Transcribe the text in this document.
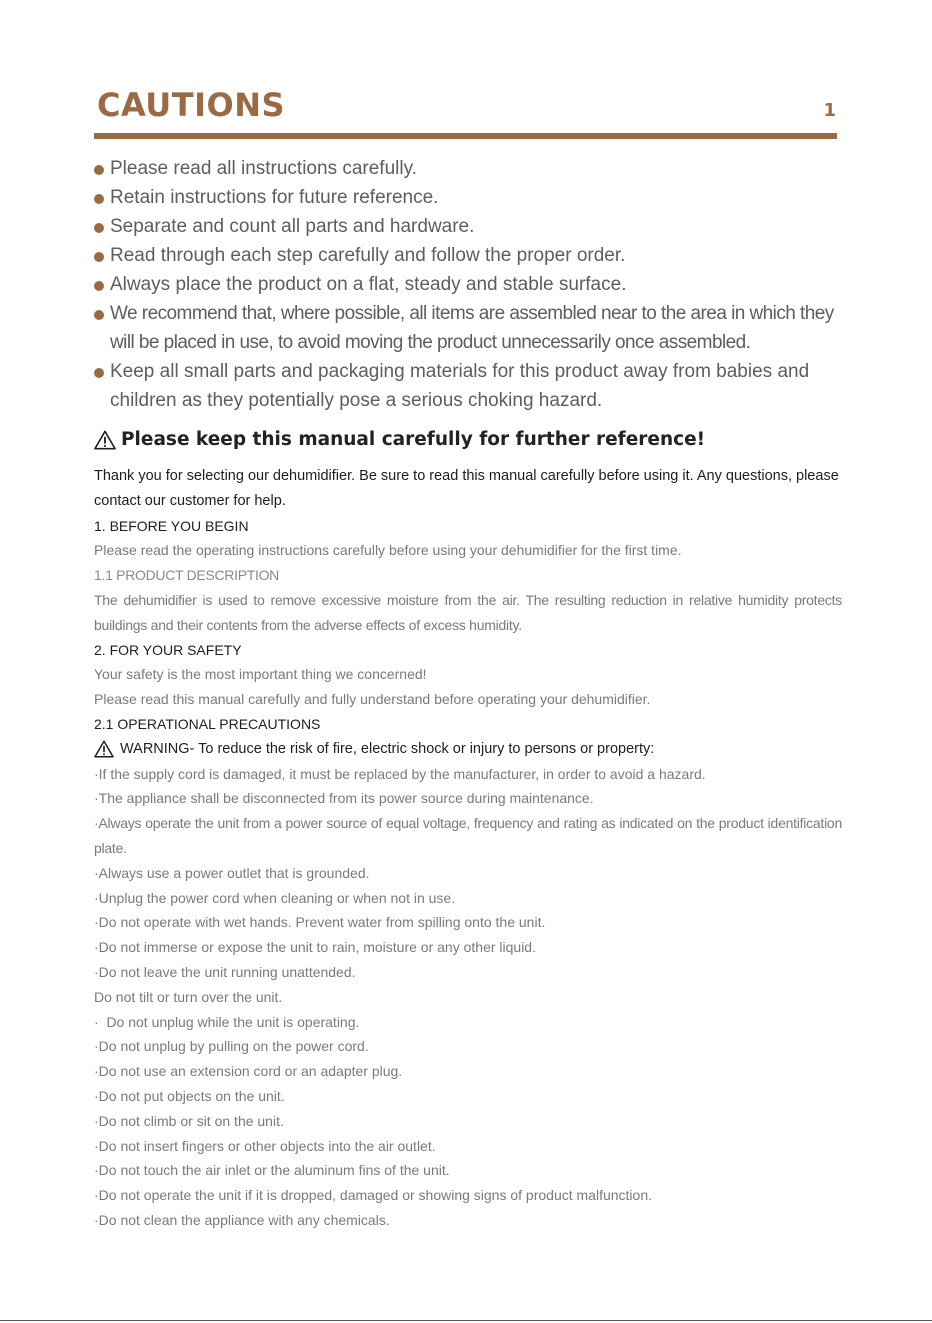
CAUTIONS	1
Please read all instructions carefully.
Retain instructions for future reference.
Separate and count all parts and hardware.
Read through each step carefully and follow the proper order.
Always place the product on a flat, steady and stable surface.
We recommend that, where possible, all items are assembled near to the area in which they will be placed in use, to avoid moving the product unnecessarily once assembled.
Keep all small parts and packaging materials for this product away from babies and children as they potentially pose a serious choking hazard.
Please keep this manual carefully for further reference!

Thank you for selecting our dehumidifier. Be sure to read this manual carefully before using it. Any questions, please contact our customer for help.

1. BEFORE YOU BEGIN

Please read the operating instructions carefully before using your dehumidifier for the first time.

1.1 PRODUCT DESCRIPTION

The dehumidifier is used to remove excessive moisture from the air. The resulting reduction in relative humidity protects buildings and their contents from the adverse effects of excess humidity.

2. FOR YOUR SAFETY

Your safety is the most important thing we concerned!

Please read this manual carefully and fully understand before operating your dehumidifier.

2.1 OPERATIONAL PRECAUTIONS

WARNING- To reduce the risk of fire, electric shock or injury to persons or property:

·If the supply cord is damaged, it must be replaced by the manufacturer, in order to avoid a hazard.

·The appliance shall be disconnected from its power source during maintenance.

·Always operate the unit from a power source of equal voltage, frequency and rating as indicated on the product identification plate.

·Always use a power outlet that is grounded.

·Unplug the power cord when cleaning or when not in use.

·Do not operate with wet hands. Prevent water from spilling onto the unit.

·Do not immerse or expose the unit to rain, moisture or any other liquid.

·Do not leave the unit running unattended.

Do not tilt or turn over the unit.

·  Do not unplug while the unit is operating.

·Do not unplug by pulling on the power cord.

·Do not use an extension cord or an adapter plug.

·Do not put objects on the unit.

·Do not climb or sit on the unit.

·Do not insert fingers or other objects into the air outlet.

·Do not touch the air inlet or the aluminum fins of the unit.

·Do not operate the unit if it is dropped, damaged or showing signs of product malfunction.

·Do not clean the appliance with any chemicals.
